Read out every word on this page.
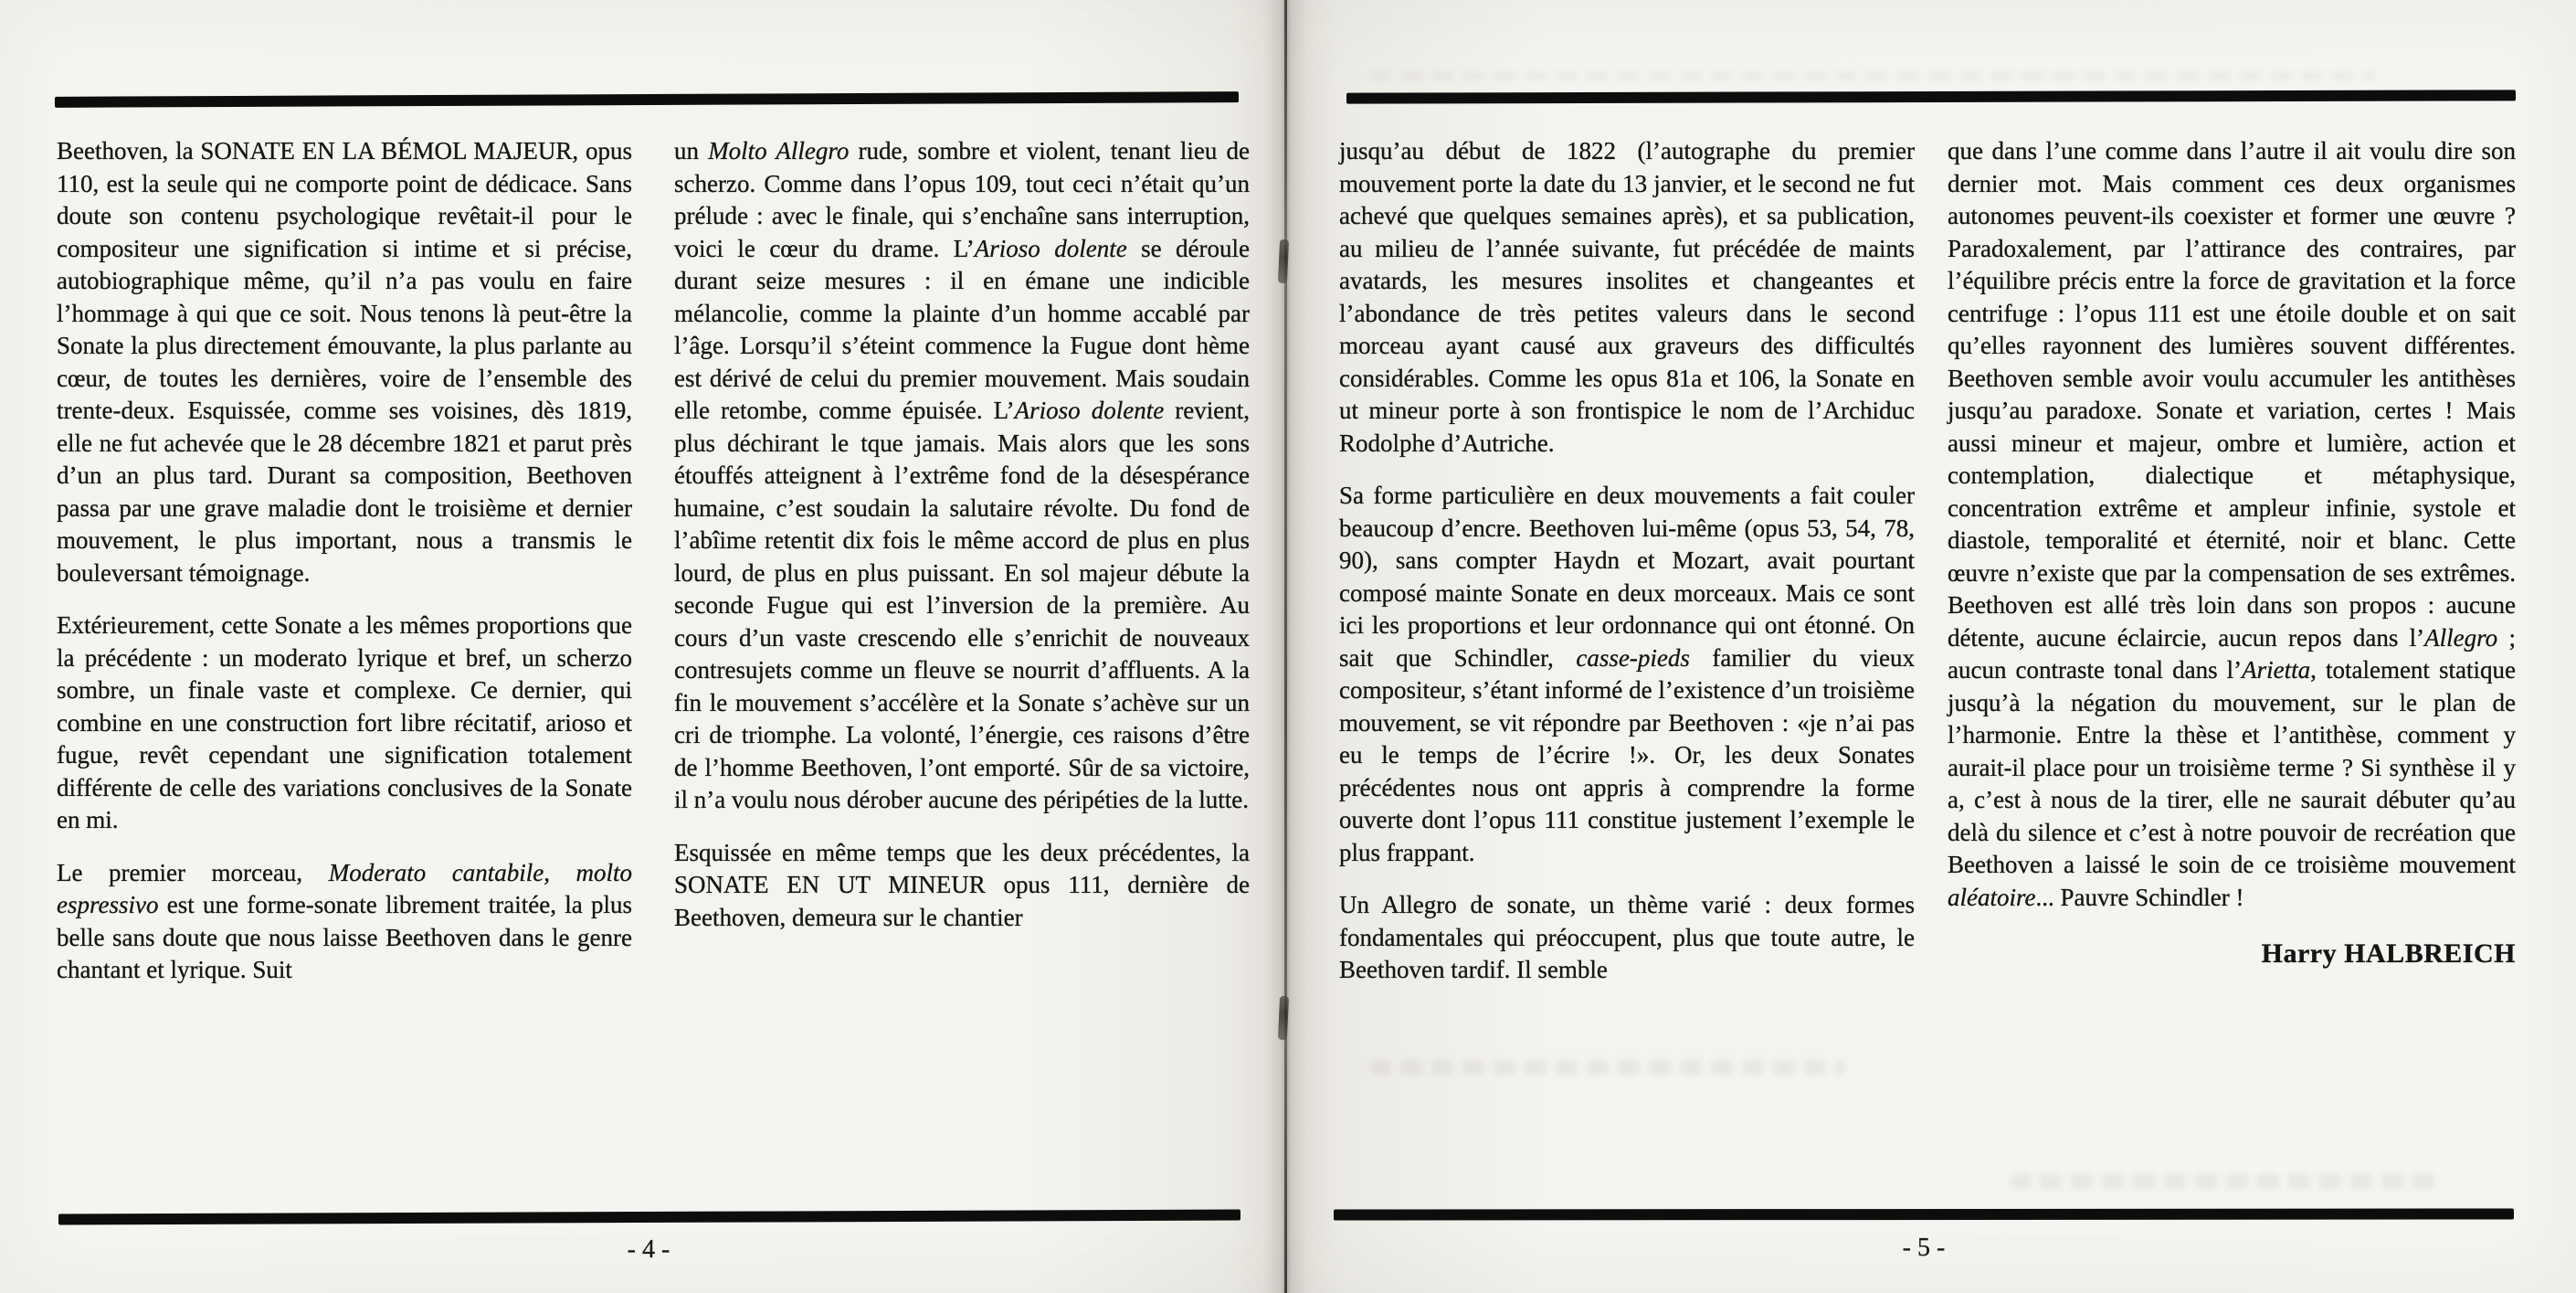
Beethoven, la SONATE EN LA BÉMOL MAJEUR, opus 110, est la seule qui ne comporte point de dédicace. Sans doute son contenu psychologique revêtait-il pour le compositeur une signification si intime et si précise, autobiographique même, qu’il n’a pas voulu en faire l’hommage à qui que ce soit. Nous tenons là peut-être la Sonate la plus directement émouvante, la plus parlante au cœur, de toutes les dernières, voire de l’ensemble des trente-deux. Esquissée, comme ses voisines, dès 1819, elle ne fut achevée que le 28 décembre 1821 et parut près d’un an plus tard. Durant sa composition, Beethoven passa par une grave maladie dont le troisième et dernier mouvement, le plus important, nous a transmis le bouleversant témoignage.

Extérieurement, cette Sonate a les mêmes proportions que la précédente : un moderato lyrique et bref, un scherzo sombre, un finale vaste et complexe. Ce dernier, qui combine en une construction fort libre récitatif, arioso et fugue, revêt cependant une signification totalement différente de celle des variations conclusives de la Sonate en mi.

Le premier morceau, Moderato cantabile, molto espressivo est une forme-sonate librement traitée, la plus belle sans doute que nous laisse Beethoven dans le genre chantant et lyrique. Suit

un Molto Allegro rude, sombre et violent, tenant lieu de scherzo. Comme dans l’opus 109, tout ceci n’était qu’un prélude : avec le finale, qui s’enchaîne sans interruption, voici le cœur du drame. L’Arioso dolente se déroule durant seize mesures : il en émane une indicible mélancolie, comme la plainte d’un homme accablé par l’âge. Lorsqu’il s’éteint commence la Fugue dont hème est dérivé de celui du premier mouvement. Mais soudain elle retombe, comme épuisée. L’Arioso dolente revient, plus déchirant le tque jamais. Mais alors que les sons étouffés atteignent à l’extrême fond de la désespérance humaine, c’est soudain la salutaire révolte. Du fond de l’abîime retentit dix fois le même accord de plus en plus lourd, de plus en plus puissant. En sol majeur débute la seconde Fugue qui est l’inversion de la première. Au cours d’un vaste crescendo elle s’enrichit de nouveaux contresujets comme un fleuve se nourrit d’affluents. A la fin le mouvement s’accélère et la Sonate s’achève sur un cri de triomphe. La volonté, l’énergie, ces raisons d’être de l’homme Beethoven, l’ont emporté. Sûr de sa victoire, il n’a voulu nous dérober aucune des péripéties de la lutte.

Esquissée en même temps que les deux précédentes, la SONATE EN UT MINEUR opus 111, dernière de Beethoven, demeura sur le chantier

jusqu’au début de 1822 (l’autographe du premier mouvement porte la date du 13 janvier, et le second ne fut achevé que quelques semaines après), et sa publication, au milieu de l’année suivante, fut précédée de maints avatards, les mesures insolites et changeantes et l’abondance de très petites valeurs dans le second morceau ayant causé aux graveurs des difficultés considérables. Comme les opus 81a et 106, la Sonate en ut mineur porte à son frontispice le nom de l’Archiduc Rodolphe d’Autriche.

Sa forme particulière en deux mouvements a fait couler beaucoup d’encre. Beethoven lui-même (opus 53, 54, 78, 90), sans compter Haydn et Mozart, avait pourtant composé mainte Sonate en deux morceaux. Mais ce sont ici les proportions et leur ordonnance qui ont étonné. On sait que Schindler, casse-pieds familier du vieux compositeur, s’étant informé de l’existence d’un troisième mouvement, se vit répondre par Beethoven : «je n’ai pas eu le temps de l’écrire !». Or, les deux Sonates précédentes nous ont appris à comprendre la forme ouverte dont l’opus 111 constitue justement l’exemple le plus frappant.

Un Allegro de sonate, un thème varié : deux formes fondamentales qui préoccupent, plus que toute autre, le Beethoven tardif. Il semble

que dans l’une comme dans l’autre il ait voulu dire son dernier mot. Mais comment ces deux organismes autonomes peuvent-ils coexister et former une œuvre ? Paradoxalement, par l’attirance des contraires, par l’équilibre précis entre la force de gravitation et la force centrifuge : l’opus 111 est une étoile double et on sait qu’elles rayonnent des lumières souvent différentes. Beethoven semble avoir voulu accumuler les antithèses jusqu’au paradoxe. Sonate et variation, certes ! Mais aussi mineur et majeur, ombre et lumière, action et contemplation, dialectique et métaphysique, concentration extrême et ampleur infinie, systole et diastole, temporalité et éternité, noir et blanc. Cette œuvre n’existe que par la compensation de ses extrêmes. Beethoven est allé très loin dans son propos : aucune détente, aucune éclaircie, aucun repos dans l’Allegro ; aucun contraste tonal dans l’Arietta, totalement statique jusqu’à la négation du mouvement, sur le plan de l’harmonie. Entre la thèse et l’antithèse, comment y aurait-il place pour un troisième terme ? Si synthèse il y a, c’est à nous de la tirer, elle ne saurait débuter qu’au delà du silence et c’est à notre pouvoir de recréation que Beethoven a laissé le soin de ce troisième mouvement aléatoire... Pauvre Schindler !

Harry HALBREICH

- 4 -	- 5 -
